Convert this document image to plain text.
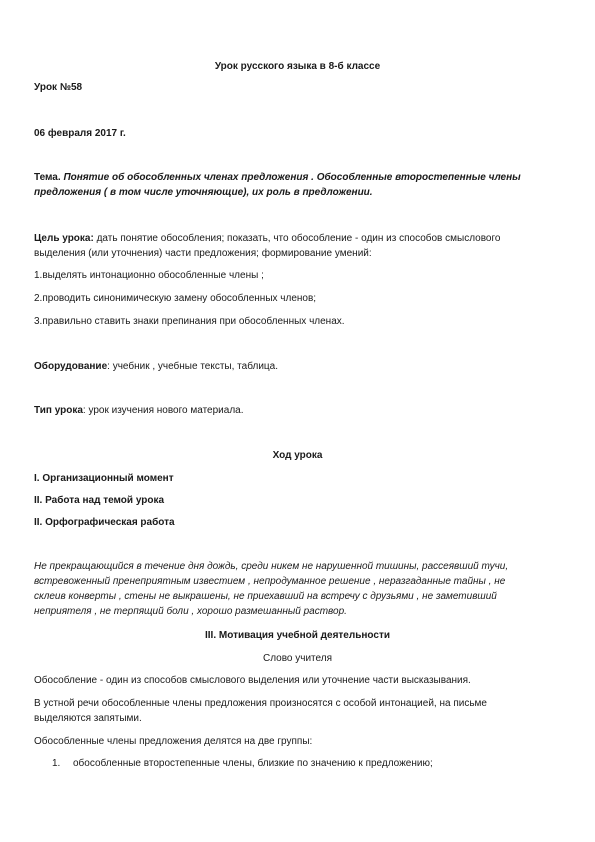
Урок русского языка в 8-б классе

Урок №58

06 февраля 2017 г.

Тема. Понятие об обособленных членах предложения . Обособленные второстепенные члены

предложения ( в том числе уточняющие), их роль в предложении.

Цель урока: дать понятие обособления; показать, что обособление - один из способов смыслового

выделения (или уточнения) части предложения; формирование умений:

1.выделять интонационно обособленные члены ;

2.проводить синонимическую замену обособленных членов;

3.правильно ставить знаки препинания при обособленных членах.

Оборудование: учебник , учебные тексты, таблица.

Тип урока: урок изучения нового материала.

Ход урока

I. Организационный момент

II. Работа над темой урока

II. Орфографическая работа

Не прекращающийся в течение дня дождь, среди никем не нарушенной тишины, рассеявший тучи,

встревоженный пренеприятным известием , непродуманное решение , неразгаданные тайны , не

склеив конверты , стены не выкрашены, не приехавший на встречу с друзьями , не заметивший

неприятеля , не терпящий боли , хорошо размешанный раствор.

III. Мотивация учебной деятельности

Слово учителя

Обособление - один из способов смыслового выделения или уточнение части высказывания.

В устной речи обособленные члены предложения произносятся с особой интонацией, на письме

выделяются запятыми.

Обособленные члены предложения делятся на две группы:

1. обособленные второстепенные члены, близкие по значению к предложению;
